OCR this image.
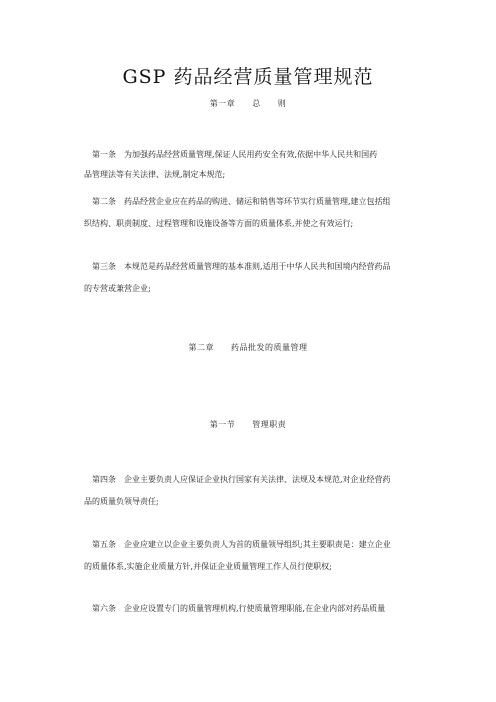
GSP 药品经营质量管理规范
第一章　　总　　则
第一条　为加强药品经营质量管理,保证人民用药安全有效,依据中华人民共和国药
品管理法等有关法律、法规,制定本规范;
第二条　药品经营企业应在药品的购进、储运和销售等环节实行质量管理,建立包括组
织结构、职责制度、过程管理和设施设备等方面的质量体系,并使之有效运行;
第三条　本规范是药品经营质量管理的基本准则,适用于中华人民共和国境内经营药品
的专营或兼营企业;
第二章　　药品批发的质量管理
第一节　　管理职责
第四条　企业主要负责人应保证企业执行国家有关法律、法规及本规范,对企业经营药
品的质量负领导责任;
第五条　企业应建立以企业主要负责人为首的质量领导组织;其主要职责是：建立企业
的质量体系,实施企业质量方针,并保证企业质量管理工作人员行使职权;
第六条　企业应设置专门的质量管理机构,行使质量管理职能,在企业内部对药品质量
